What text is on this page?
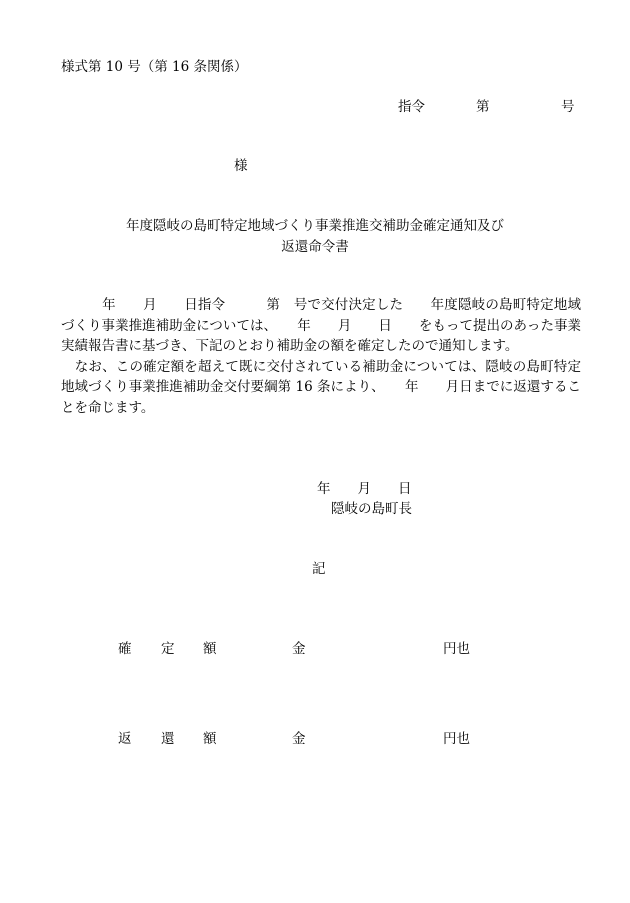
様式第 10 号（第 16 条関係）
指令	第	号
様
年度隠岐の島町特定地域づくり事業推進交補助金確定通知及び
返還命令書

　　　年　　月　　日指令　　　第　号で交付決定した　　年度隠岐の島町特定地域づくり事業推進補助金については、　　年　　月　　日　　をもって提出のあった事業実績報告書に基づき、下記のとおり補助金の額を確定したので通知します。

　なお、この確定額を超えて既に交付されている補助金については、隠岐の島町特定地域づくり事業推進補助金交付要綱第 16 条により、　　年　　月日までに返還することを命じます。

年　　月　　日
隠岐の島町長
記
確 定 額	金	円也
返 還 額	金	円也
